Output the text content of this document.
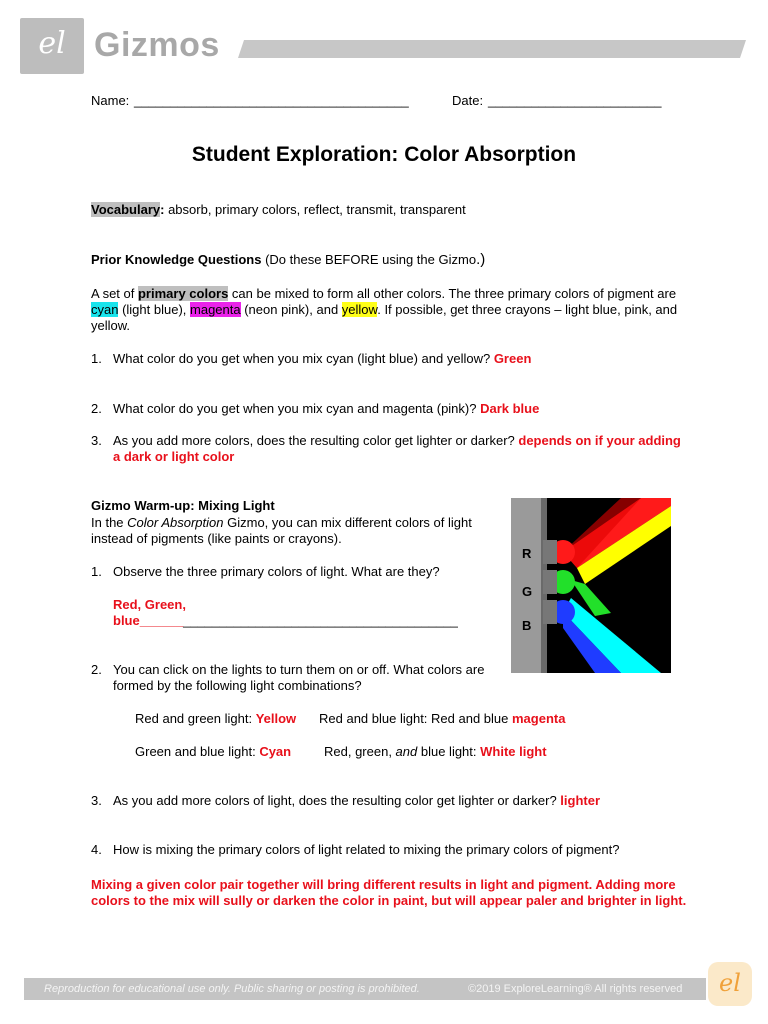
el Gizmos
Name: ______________________________________	Date: ________________________
Student Exploration: Color Absorption
Vocabulary: absorb, primary colors, reflect, transmit, transparent
Prior Knowledge Questions (Do these BEFORE using the Gizmo.)
A set of primary colors can be mixed to form all other colors. The three primary colors of pigment are cyan (light blue), magenta (neon pink), and yellow. If possible, get three crayons – light blue, pink, and yellow.
1. What color do you get when you mix cyan (light blue) and yellow? Green
2. What color do you get when you mix cyan and magenta (pink)? Dark blue
3. As you add more colors, does the resulting color get lighter or darker? depends on if your adding a dark or light color
Gizmo Warm-up: Mixing Light
In the Color Absorption Gizmo, you can mix different colors of light instead of pigments (like paints or crayons).
1. Observe the three primary colors of light. What are they?
Red, Green,
blue____________________________________________
2. You can click on the lights to turn them on or off. What colors are formed by the following light combinations?
Red and green light: Yellow Red and blue light: Red and blue magenta
Green and blue light: Cyan	Red, green, and blue light: White light
3. As you add more colors of light, does the resulting color get lighter or darker? lighter
4. How is mixing the primary colors of light related to mixing the primary colors of pigment?
Mixing a given color pair together will bring different results in light and pigment. Adding more colors to the mix will sully or darken the color in paint, but will appear paler and brighter in light.
R
G
B
Reproduction for educational use only. Public sharing or posting is prohibited.	©2019 ExploreLearning® All rights reserved	el
